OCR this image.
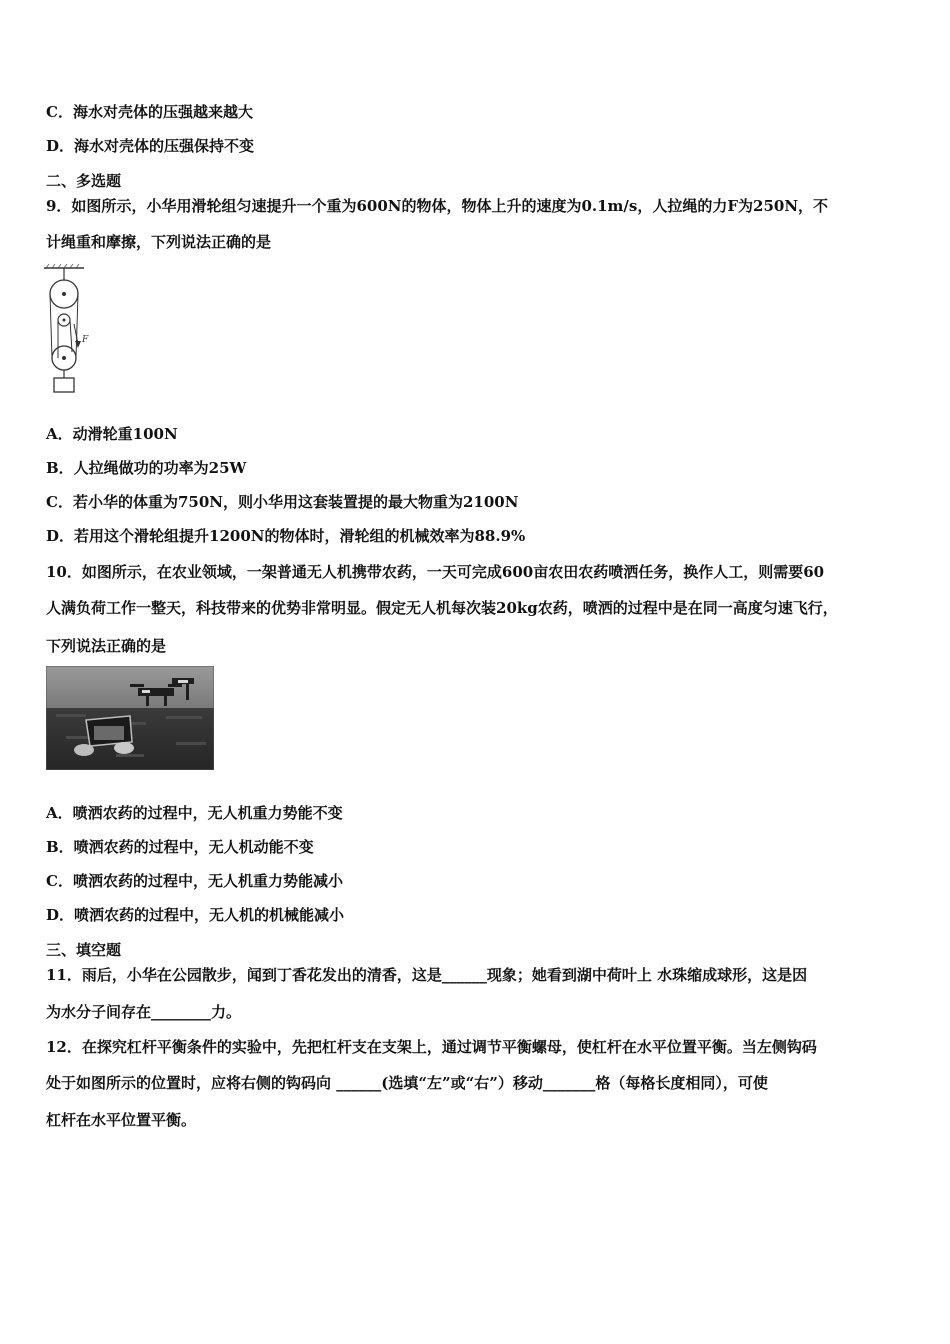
C．海水对壳体的压强越来越大
D．海水对壳体的压强保持不变
二、多选题
9．如图所示，小华用滑轮组匀速提升一个重为600N的物体，物体上升的速度为0.1m/s，人拉绳的力F为250N，不
计绳重和摩擦，下列说法正确的是
F
A．动滑轮重100N
B．人拉绳做功的功率为25W
C．若小华的体重为750N，则小华用这套装置提的最大物重为2100N
D．若用这个滑轮组提升1200N的物体时，滑轮组的机械效率为88.9%
10．如图所示，在农业领域，一架普通无人机携带农药，一天可完成600亩农田农药喷洒任务，换作人工，则需要60
人满负荷工作一整天，科技带来的优势非常明显。假定无人机每次装20kg农药，喷洒的过程中是在同一高度匀速飞行，
下列说法正确的是
A．喷洒农药的过程中，无人机重力势能不变
B．喷洒农药的过程中，无人机动能不变
C．喷洒农药的过程中，无人机重力势能减小
D．喷洒农药的过程中，无人机的机械能减小
三、填空题
11．雨后，小华在公园散步，闻到丁香花发出的清香，这是______现象；她看到湖中荷叶上 水珠缩成球形，这是因
为水分子间存在________力。
12．在探究杠杆平衡条件的实验中，先把杠杆支在支架上，通过调节平衡螺母，使杠杆在水平位置平衡。当左侧钩码
处于如图所示的位置时，应将右侧的钩码向 ______(选填“左”或“右”）移动_______格（每格长度相同），可使
杠杆在水平位置平衡。
